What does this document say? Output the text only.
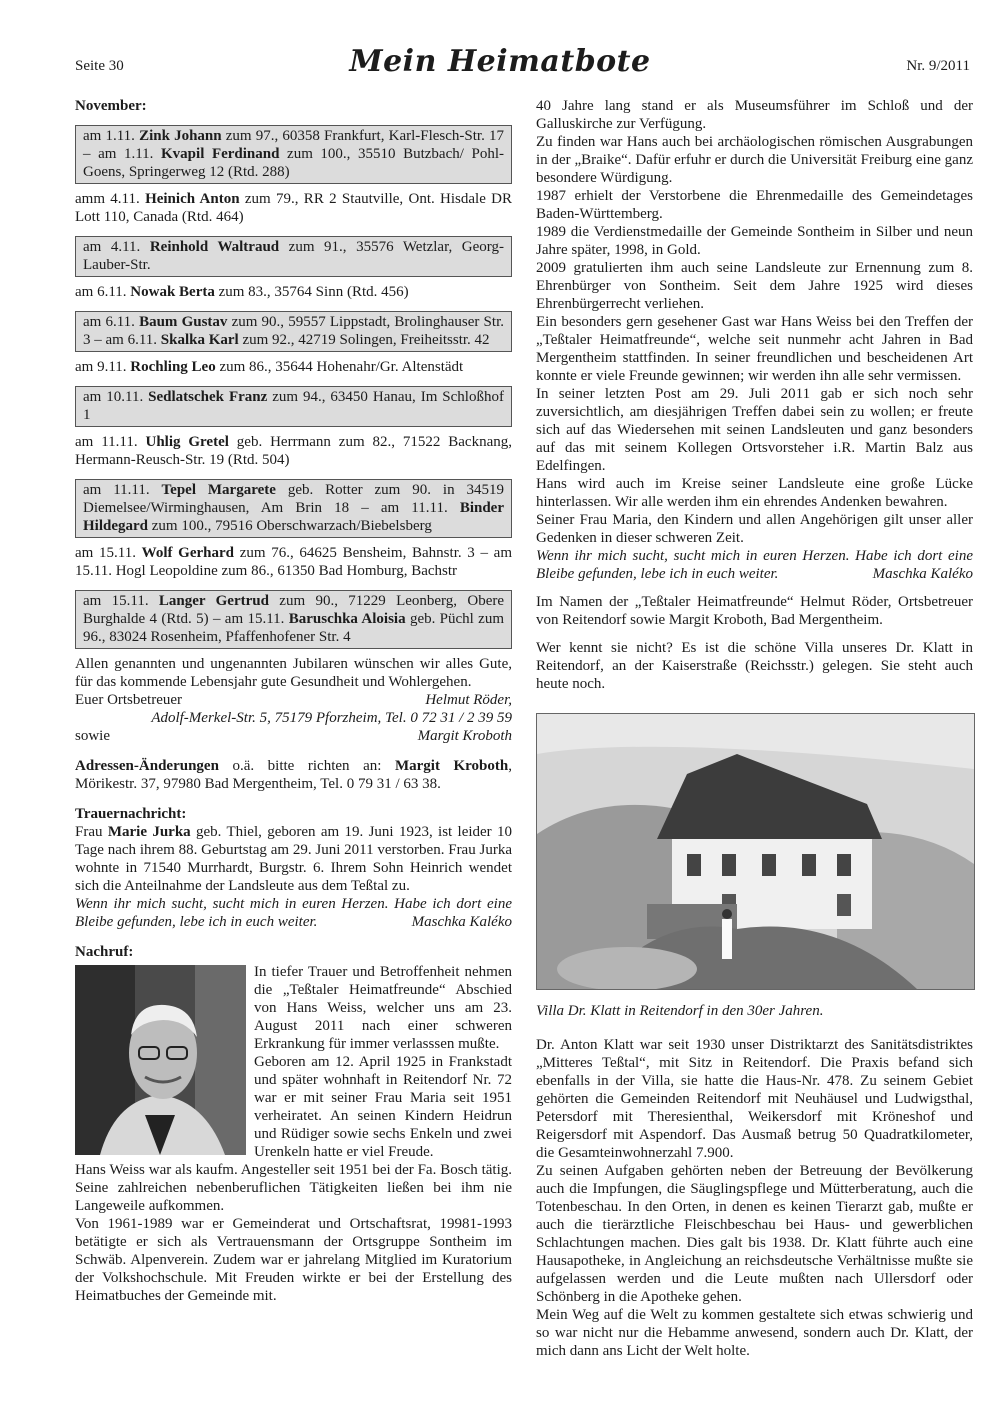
Seite 30	Mein Heimatbote	Nr. 9/2011

November:

am 1.11. Zink Johann zum 97., 60358 Frankfurt, Karl-Flesch-Str. 17 – am 1.11. Kvapil Ferdinand zum 100., 35510 Butzbach/ Pohl-Goens, Springerweg 12 (Rtd. 288)
amm 4.11. Heinich Anton zum 79., RR 2 Stautville, Ont. Hisdale DR Lott 110, Canada (Rtd. 464)
am 4.11. Reinhold Waltraud zum 91., 35576 Wetzlar, Georg-Lauber-Str.
am 6.11. Nowak Berta zum 83., 35764 Sinn (Rtd. 456)
am 6.11. Baum Gustav zum 90., 59557 Lippstadt, Brolinghauser Str. 3 – am 6.11. Skalka Karl zum 92., 42719 Solingen, Freiheitsstr. 42
am 9.11. Rochling Leo zum 86., 35644 Hohenahr/Gr. Altenstädt
am 10.11. Sedlatschek Franz zum 94., 63450 Hanau, Im Schloßhof 1
am 11.11. Uhlig Gretel geb. Herrmann zum 82., 71522 Backnang, Hermann-Reusch-Str. 19 (Rtd. 504)
am 11.11. Tepel Margarete geb. Rotter zum 90. in 34519 Diemelsee/Wirminghausen, Am Brin 18 – am 11.11. Binder Hildegard zum 100., 79516 Oberschwarzach/Biebelsberg
am 15.11. Wolf Gerhard zum 76., 64625 Bensheim, Bahnstr. 3 – am 15.11. Hogl Leopoldine zum 86., 61350 Bad Homburg, Bachstr
am 15.11. Langer Gertrud zum 90., 71229 Leonberg, Obere Burghalde 4 (Rtd. 5) – am 15.11. Baruschka Aloisia geb. Püchl zum 96., 83024 Rosenheim, Pfaffenhofener Str. 4

Allen genannten und ungenannten Jubilaren wünschen wir alles Gute, für das kommende Lebensjahr gute Gesundheit und Wohlergehen.

Euer Ortsbetreuer	Helmut Röder,

Adolf-Merkel-Str. 5, 75179 Pforzheim, Tel. 0 72 31 / 2 39 59

sowie	Margit Kroboth

Adressen-Änderungen o.ä. bitte richten an: Margit Kroboth, Mörikestr. 37, 97980 Bad Mergentheim, Tel. 0 79 31 / 63 38.

Trauernachricht:

Frau Marie Jurka geb. Thiel, geboren am 19. Juni 1923, ist leider 10 Tage nach ihrem 88. Geburtstag am 29. Juni 2011 verstorben. Frau Jurka wohnte in 71540 Murrhardt, Burgstr. 6. Ihrem Sohn Heinrich wendet sich die Anteilnahme der Landsleute aus dem Teßtal zu.

Wenn ihr mich sucht, sucht mich in euren Herzen. Habe ich dort eine Bleibe gefunden, lebe ich in euch weiter.	Maschka Kaléko

Nachruf:

In tiefer Trauer und Betroffenheit nehmen die „Teßtaler Heimatfreunde“ Abschied von Hans Weiss, welcher uns am 23. August 2011 nach einer schweren Erkrankung für immer verlasssen mußte.

Geboren am 12. April 1925 in Frankstadt und später wohnhaft in Reitendorf Nr. 72 war er mit seiner Frau Maria seit 1951 verheiratet. An seinen Kindern Heidrun und Rüdiger sowie sechs Enkeln und zwei Urenkeln hatte er viel Freude.

Hans Weiss war als kaufm. Angesteller seit 1951 bei der Fa. Bosch tätig. Seine zahlreichen nebenberuflichen Tätigkeiten ließen bei ihm nie Langeweile aufkommen.

Von 1961-1989 war er Gemeinderat und Ortschaftsrat, 19981-1993 betätigte er sich als Vertrauensmann der Ortsgruppe Sontheim im Schwäb. Alpenverein. Zudem war er jahrelang Mitglied im Kuratorium der Volkshochschule. Mit Freuden wirkte er bei der Erstellung des Heimatbuches der Gemeinde mit.

40 Jahre lang stand er als Museumsführer im Schloß und der Galluskirche zur Verfügung.

Zu finden war Hans auch bei archäologischen römischen Ausgrabungen in der „Braike“. Dafür erfuhr er durch die Universität Freiburg eine ganz besondere Würdigung.

1987 erhielt der Verstorbene die Ehrenmedaille des Gemeindetages Baden-Württemberg.

1989 die Verdienstmedaille der Gemeinde Sontheim in Silber und neun Jahre später, 1998, in Gold.

2009 gratulierten ihm auch seine Landsleute zur Ernennung zum 8. Ehrenbürger von Sontheim. Seit dem Jahre 1925 wird dieses Ehrenbürgerrecht verliehen.

Ein besonders gern gesehener Gast war Hans Weiss bei den Treffen der „Teßtaler Heimatfreunde“, welche seit nunmehr acht Jahren in Bad Mergentheim stattfinden. In seiner freundlichen und bescheidenen Art konnte er viele Freunde gewinnen; wir werden ihn alle sehr vermissen.

In seiner letzten Post am 29. Juli 2011 gab er sich noch sehr zuversichtlich, am diesjährigen Treffen dabei sein zu wollen; er freute sich auf das Wiedersehen mit seinen Landsleuten und ganz besonders auf das mit seinem Kollegen Ortsvorsteher i.R. Martin Balz aus Edelfingen.

Hans wird auch im Kreise seiner Landsleute eine große Lücke hinterlassen. Wir alle werden ihm ein ehrendes Andenken bewahren.

Seiner Frau Maria, den Kindern und allen Angehörigen gilt unser aller Gedenken in dieser schweren Zeit.

Wenn ihr mich sucht, sucht mich in euren Herzen. Habe ich dort eine Bleibe gefunden, lebe ich in euch weiter.	Maschka Kaléko

Im Namen der „Teßtaler Heimatfreunde“ Helmut Röder, Ortsbetreuer von Reitendorf sowie Margit Kroboth, Bad Mergentheim.

Wer kennt sie nicht? Es ist die schöne Villa unseres Dr. Klatt in Reitendorf, an der Kaiserstraße (Reichsstr.) gelegen. Sie steht auch heute noch.

Villa Dr. Klatt in Reitendorf in den 30er Jahren.

Dr. Anton Klatt war seit 1930 unser Distriktarzt des Sanitätsdistriktes „Mitteres Teßtal“, mit Sitz in Reitendorf. Die Praxis befand sich ebenfalls in der Villa, sie hatte die Haus-Nr. 478. Zu seinem Gebiet gehörten die Gemeinden Reitendorf mit Neuhäusel und Ludwigsthal, Petersdorf mit Theresienthal, Weikersdorf mit Kröneshof und Reigersdorf mit Aspendorf. Das Ausmaß betrug 50 Quadratkilometer, die Gesamteinwohnerzahl 7.900.

Zu seinen Aufgaben gehörten neben der Betreuung der Bevölkerung auch die Impfungen, die Säuglingspflege und Mütterberatung, auch die Totenbeschau. In den Orten, in denen es keinen Tierarzt gab, mußte er auch die tierärztliche Fleischbeschau bei Haus- und gewerblichen Schlachtungen machen. Dies galt bis 1938. Dr. Klatt führte auch eine Hausapotheke, in Angleichung an reichsdeutsche Verhältnisse mußte sie aufgelassen werden und die Leute mußten nach Ullersdorf oder Schönberg in die Apotheke gehen.

Mein Weg auf die Welt zu kommen gestaltete sich etwas schwierig und so war nicht nur die Hebamme anwesend, sondern auch Dr. Klatt, der mich dann ans Licht der Welt holte.
